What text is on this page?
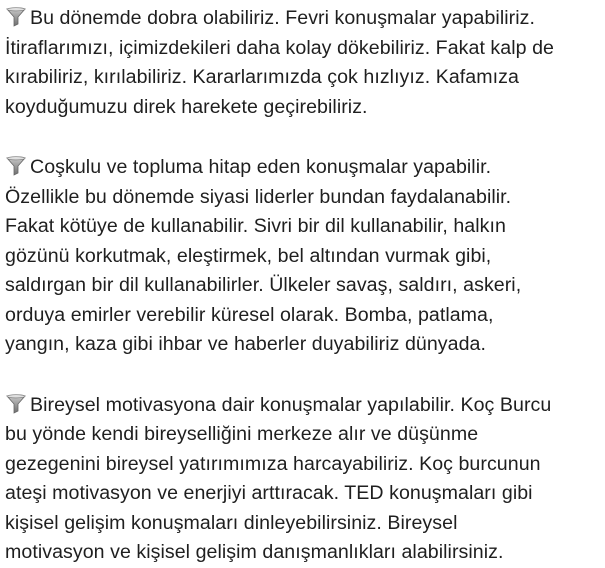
Bu dönemde dobra olabiliriz. Fevri konuşmalar yapabiliriz.
İtiraflarımızı, içimizdekileri daha kolay dökebiliriz. Fakat kalp de
kırabiliriz, kırılabiliriz. Kararlarımızda çok hızlıyız. Kafamıza
koyduğumuzu direk harekete geçirebiliriz.

Coşkulu ve topluma hitap eden konuşmalar yapabilir.
Özellikle bu dönemde siyasi liderler bundan faydalanabilir.
Fakat kötüye de kullanabilir. Sivri bir dil kullanabilir, halkın
gözünü korkutmak, eleştirmek, bel altından vurmak gibi,
saldırgan bir dil kullanabilirler. Ülkeler savaş, saldırı, askeri,
orduya emirler verebilir küresel olarak. Bomba, patlama,
yangın, kaza gibi ihbar ve haberler duyabiliriz dünyada.

Bireysel motivasyona dair konuşmalar yapılabilir. Koç Burcu
bu yönde kendi bireyselliğini merkeze alır ve düşünme
gezegenini bireysel yatırımımıza harcayabiliriz. Koç burcunun
ateşi motivasyon ve enerjiyi arttıracak. TED konuşmaları gibi
kişisel gelişim konuşmaları dinleyebilirsiniz. Bireysel
motivasyon ve kişisel gelişim danışmanlıkları alabilirsiniz.
